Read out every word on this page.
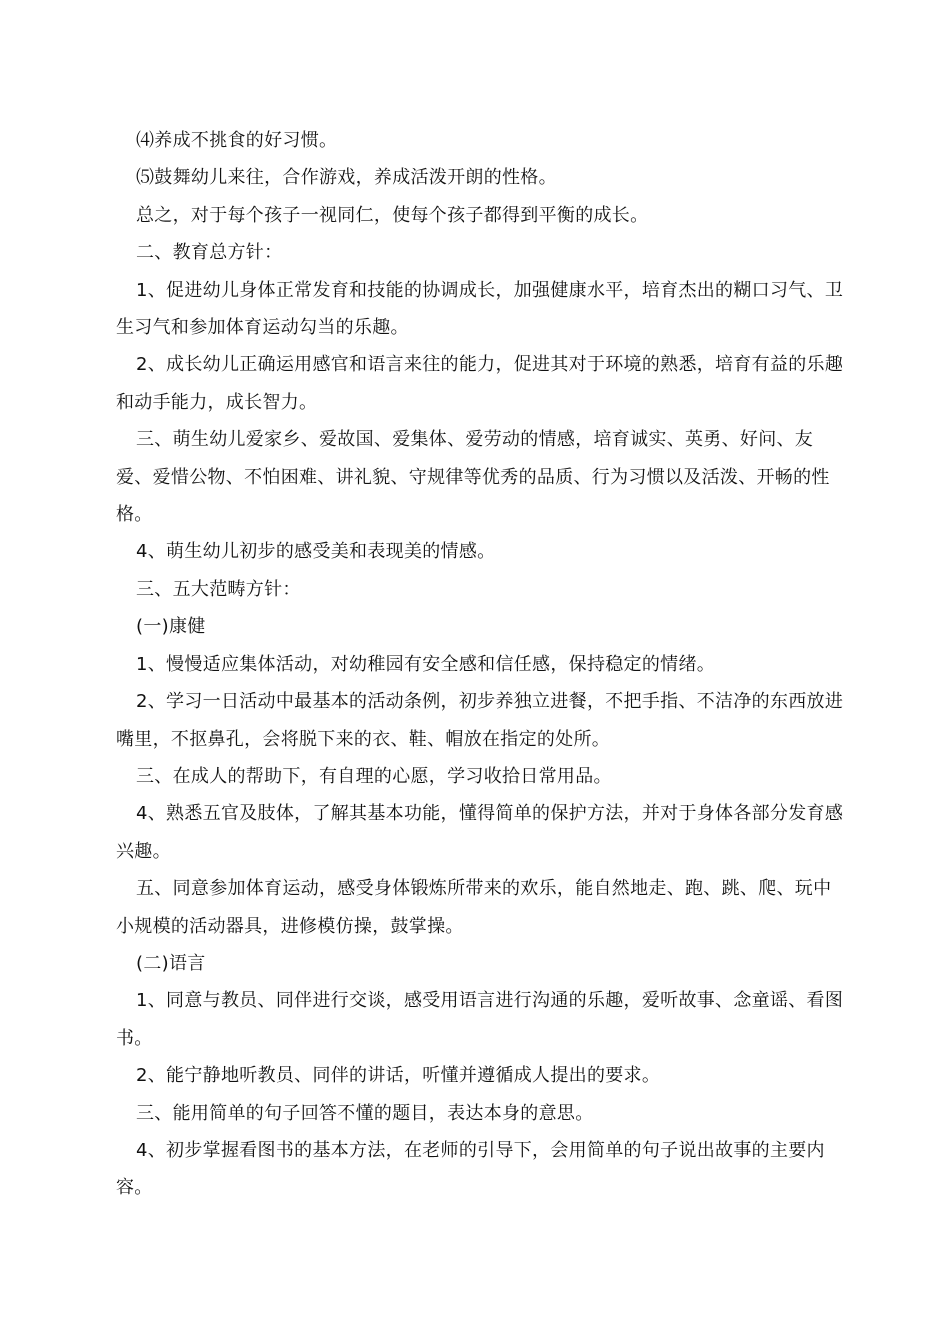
⑷养成不挑食的好习惯。

⑸鼓舞幼儿来往，合作游戏，养成活泼开朗的性格。

总之，对于每个孩子一视同仁，使每个孩子都得到平衡的成长。

二、教育总方针：

1、促进幼儿身体正常发育和技能的协调成长，加强健康水平，培育杰出的糊口习气、卫生习气和参加体育运动勾当的乐趣。

2、成长幼儿正确运用感官和语言来往的能力，促进其对于环境的熟悉，培育有益的乐趣和动手能力，成长智力。

三、萌生幼儿爱家乡、爱故国、爱集体、爱劳动的情感，培育诚实、英勇、好问、友爱、爱惜公物、不怕困难、讲礼貌、守规律等优秀的品质、行为习惯以及活泼、开畅的性格。

4、萌生幼儿初步的感受美和表现美的情感。

三、五大范畴方针：

(一)康健

1、慢慢适应集体活动，对幼稚园有安全感和信任感，保持稳定的情绪。

2、学习一日活动中最基本的活动条例，初步养独立进餐，不把手指、不洁净的东西放进嘴里，不抠鼻孔，会将脱下来的衣、鞋、帽放在指定的处所。

三、在成人的帮助下，有自理的心愿，学习收拾日常用品。

4、熟悉五官及肢体，了解其基本功能，懂得简单的保护方法，并对于身体各部分发育感兴趣。

五、同意参加体育运动，感受身体锻炼所带来的欢乐，能自然地走、跑、跳、爬、玩中小规模的活动器具，进修模仿操，鼓掌操。

(二)语言

1、同意与教员、同伴进行交谈，感受用语言进行沟通的乐趣，爱听故事、念童谣、看图书。

2、能宁静地听教员、同伴的讲话，听懂并遵循成人提出的要求。

三、能用简单的句子回答不懂的题目，表达本身的意思。

4、初步掌握看图书的基本方法，在老师的引导下，会用简单的句子说出故事的主要内容。
